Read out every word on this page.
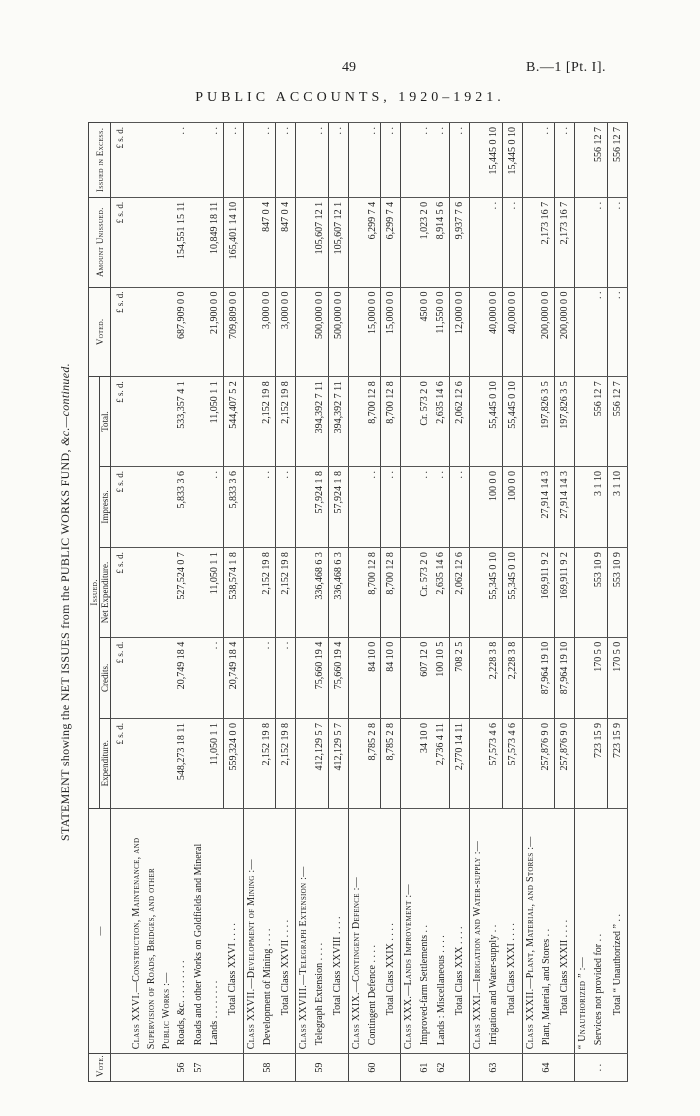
49	B.—1 [Pt. I].
PUBLIC ACCOUNTS, 1920–1921.
STATEMENT showing the NET ISSUES from the PUBLIC WORKS FUND, &c.—continued.
Vote.	—	Issued.					Voted.	Amount Unissued.	Issued in Excess.
		Expenditure.	Credits.	Net Expenditure.	Imprests.	Total.			
		£ s. d.	£ s. d.	£ s. d.	£ s. d.	£ s. d.	£ s. d.	£ s. d.	£ s. d.
	Class XXVI.—Construction, Maintenance, and								
	Supervision of Roads, Bridges, and other								
	Public Works :—								
56	Roads, &c. . . . . . . . .	548,273 18 11	20,749 18 4	527,524 0 7	5,833 3 6	533,357 4 1	687,909 0 0	154,551 15 11	. .
57	Roads and other Works on Goldfields and Mineral								
	Lands . . . . . . . .	11,050 1 1	. .	11,050 1 1	. .	11,050 1 1	21,900 0 0	10,849 18 11	. .
	Total Class XXVI . . . .	559,324 0 0	20,749 18 4	538,574 1 8	5,833 3 6	544,407 5 2	709,809 0 0	165,401 14 10	. .
	Class XXVII.—Development of Mining :—								
58	Development of Mining . . . .	2,152 19 8	. .	2,152 19 8	. .	2,152 19 8	3,000 0 0	847 0 4	. .
	Total Class XXVII . . . .	2,152 19 8	. .	2,152 19 8	. .	2,152 19 8	3,000 0 0	847 0 4	. .
	Class XXVIII.—Telegraph Extension :—								
59	Telegraph Extension . . . .	412,129 5 7	75,660 19 4	336,468 6 3	57,924 1 8	394,392 7 11	500,000 0 0	105,607 12 1	. .
	Total Class XXVIII . . . .	412,129 5 7	75,660 19 4	336,468 6 3	57,924 1 8	394,392 7 11	500,000 0 0	105,607 12 1	. .
	Class XXIX.—Contingent Defence :—								
60	Contingent Defence . . . .	8,785 2 8	84 10 0	8,700 12 8	. .	8,700 12 8	15,000 0 0	6,299 7 4	. .
	Total Class XXIX . . . .	8,785 2 8	84 10 0	8,700 12 8	. .	8,700 12 8	15,000 0 0	6,299 7 4	. .
	Class XXX.—Lands Improvement :—								
61	Improved-farm Settlements . .	34 10 0	607 12 0	Cr. 573 2 0	. .	Cr. 573 2 0	450 0 0	1,023 2 0	. .
62	Lands : Miscellaneous . . . .	2,736 4 11	100 10 5	2,635 14 6	. .	2,635 14 6	11,550 0 0	8,914 5 6	. .
	Total Class XXX . . . .	2,770 14 11	708 2 5	2,062 12 6	. .	2,062 12 6	12,000 0 0	9,937 7 6	. .
	Class XXXI.—Irrigation and Water-supply :—								
63	Irrigation and Water-supply . .	57,573 4 6	2,228 3 8	55,345 0 10	100 0 0	55,445 0 10	40,000 0 0	. .	15,445 0 10
	Total Class XXXI . . . .	57,573 4 6	2,228 3 8	55,345 0 10	100 0 0	55,445 0 10	40,000 0 0	. .	15,445 0 10
	Class XXXII.—Plant, Material, and Stores :—								
64	Plant, Material, and Stores . .	257,876 9 0	87,964 19 10	169,911 9 2	27,914 14 3	197,826 3 5	200,000 0 0	2,173 16 7	. .
	Total Class XXXII . . . .	257,876 9 0	87,964 19 10	169,911 9 2	27,914 14 3	197,826 3 5	200,000 0 0	2,173 16 7	. .
	“ Unauthorized ” :—								
. .	Services not provided for . .	723 15 9	170 5 0	553 10 9	3 1 10	556 12 7	. .	. .	556 12 7
	Total “ Unauthorized ” . .	723 15 9	170 5 0	553 10 9	3 1 10	556 12 7	. .	. .	556 12 7
